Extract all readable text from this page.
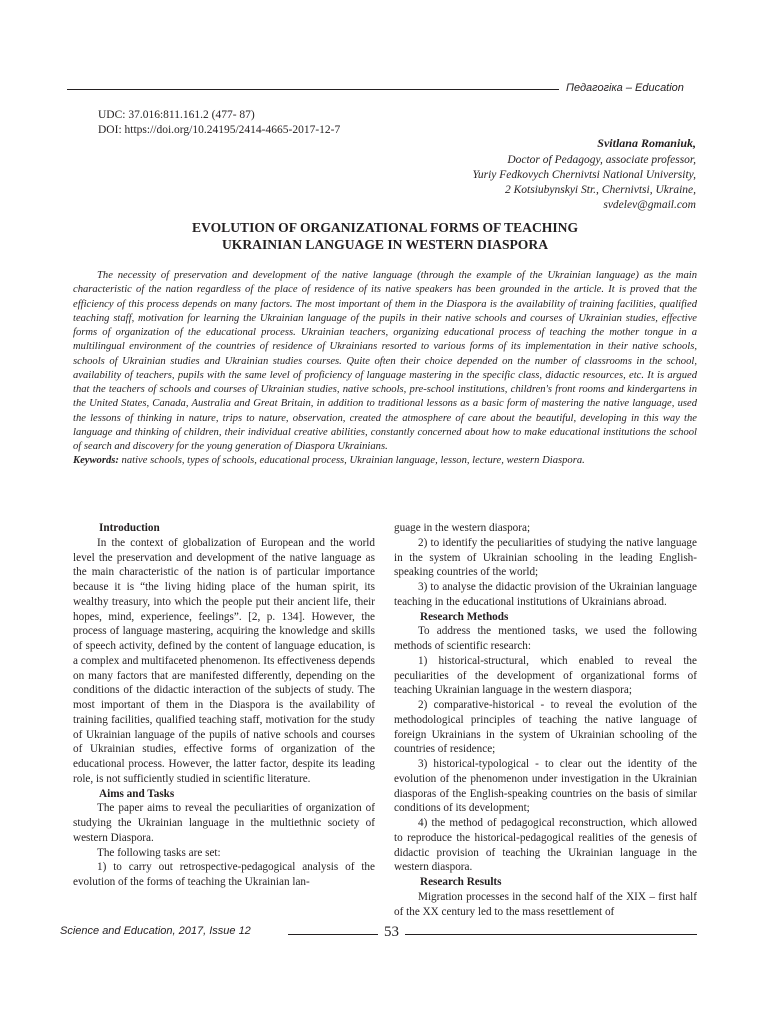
Педагогіка – Education
UDC: 37.016:811.161.2 (477- 87)
DOI: https://doi.org/10.24195/2414-4665-2017-12-7
Svitlana Romaniuk,
Doctor of Pedagogy, associate professor,
Yuriy Fedkovych Chernivtsi National University,
2 Kotsiubynskyi Str., Chernivtsi, Ukraine,
svdelev@gmail.com
EVOLUTION OF ORGANIZATIONAL FORMS OF TEACHING
UKRAINIAN LANGUAGE IN WESTERN DIASPORA
The necessity of preservation and development of the native language (through the example of the Ukrainian language) as the main characteristic of the nation regardless of the place of residence of its native speakers has been grounded in the article. It is proved that the efficiency of this process depends on many factors. The most important of them in the Diaspora is the availability of training facilities, qualified teaching staff, motivation for learning the Ukrainian language of the pupils in their native schools and courses of Ukrainian studies, effective forms of organization of the educational process. Ukrainian teachers, organizing educational process of teaching the mother tongue in a multilingual environment of the countries of residence of Ukrainians resorted to various forms of its implementation in their native schools, schools of Ukrainian studies and Ukrainian studies courses. Quite often their choice depended on the number of classrooms in the school, availability of teachers, pupils with the same level of proficiency of language mastering in the specific class, didactic resources, etc. It is argued that the teachers of schools and courses of Ukrainian studies, native schools, pre-school institutions, children's front rooms and kindergartens in the United States, Canada, Australia and Great Britain, in addition to traditional lessons as a basic form of mastering the native language, used the lessons of thinking in nature, trips to nature, observation, created the atmosphere of care about the beautiful, developing in this way the language and thinking of children, their individual creative abilities, constantly concerned about how to make educational institutions the school of search and discovery for the young generation of Diaspora Ukrainians.
Keywords: native schools, types of schools, educational process, Ukrainian language, lesson, lecture, western Diaspora.

Introduction

In the context of globalization of European and the world level the preservation and development of the native language as the main characteristic of the nation is of particular importance because it is “the living hiding place of the human spirit, its wealthy treasury, into which the people put their ancient life, their hopes, mind, experience, feelings”. [2, p. 134]. However, the process of language mastering, acquiring the knowledge and skills of speech activity, defined by the content of language education, is a complex and multifaceted phenomenon. Its effectiveness depends on many factors that are manifested differently, depending on the conditions of the didactic interaction of the subjects of study. The most important of them in the Diaspora is the availability of training facilities, qualified teaching staff, motivation for the study of Ukrainian language of the pupils of native schools and courses of Ukrainian studies, effective forms of organization of the educational process. However, the latter factor, despite its leading role, is not sufficiently studied in scientific literature.

Aims and Tasks

The paper aims to reveal the peculiarities of organization of studying the Ukrainian language in the multiethnic society of western Diaspora.

The following tasks are set:

1) to carry out retrospective-pedagogical analysis of the evolution of the forms of teaching the Ukrainian lan-

guage in the western diaspora;

2) to identify the peculiarities of studying the native language in the system of Ukrainian schooling in the leading English-speaking countries of the world;

3) to analyse the didactic provision of the Ukrainian language teaching in the educational institutions of Ukrainians abroad.

Research Methods

To address the mentioned tasks, we used the following methods of scientific research:

1) historical-structural, which enabled to reveal the peculiarities of the development of organizational forms of teaching Ukrainian language in the western diaspora;

2) comparative-historical - to reveal the evolution of the methodological principles of teaching the native language of foreign Ukrainians in the system of Ukrainian schooling of the countries of residence;

3) historical-typological - to clear out the identity of the evolution of the phenomenon under investigation in the Ukrainian diasporas of the English-speaking countries on the basis of similar conditions of its development;

4) the method of pedagogical reconstruction, which allowed to reproduce the historical-pedagogical realities of the genesis of didactic provision of teaching the Ukrainian language in the western diaspora.

Research Results

Migration processes in the second half of the XIX – first half of the XX century led to the mass resettlement of

Science and Education, 2017, Issue 12	53
